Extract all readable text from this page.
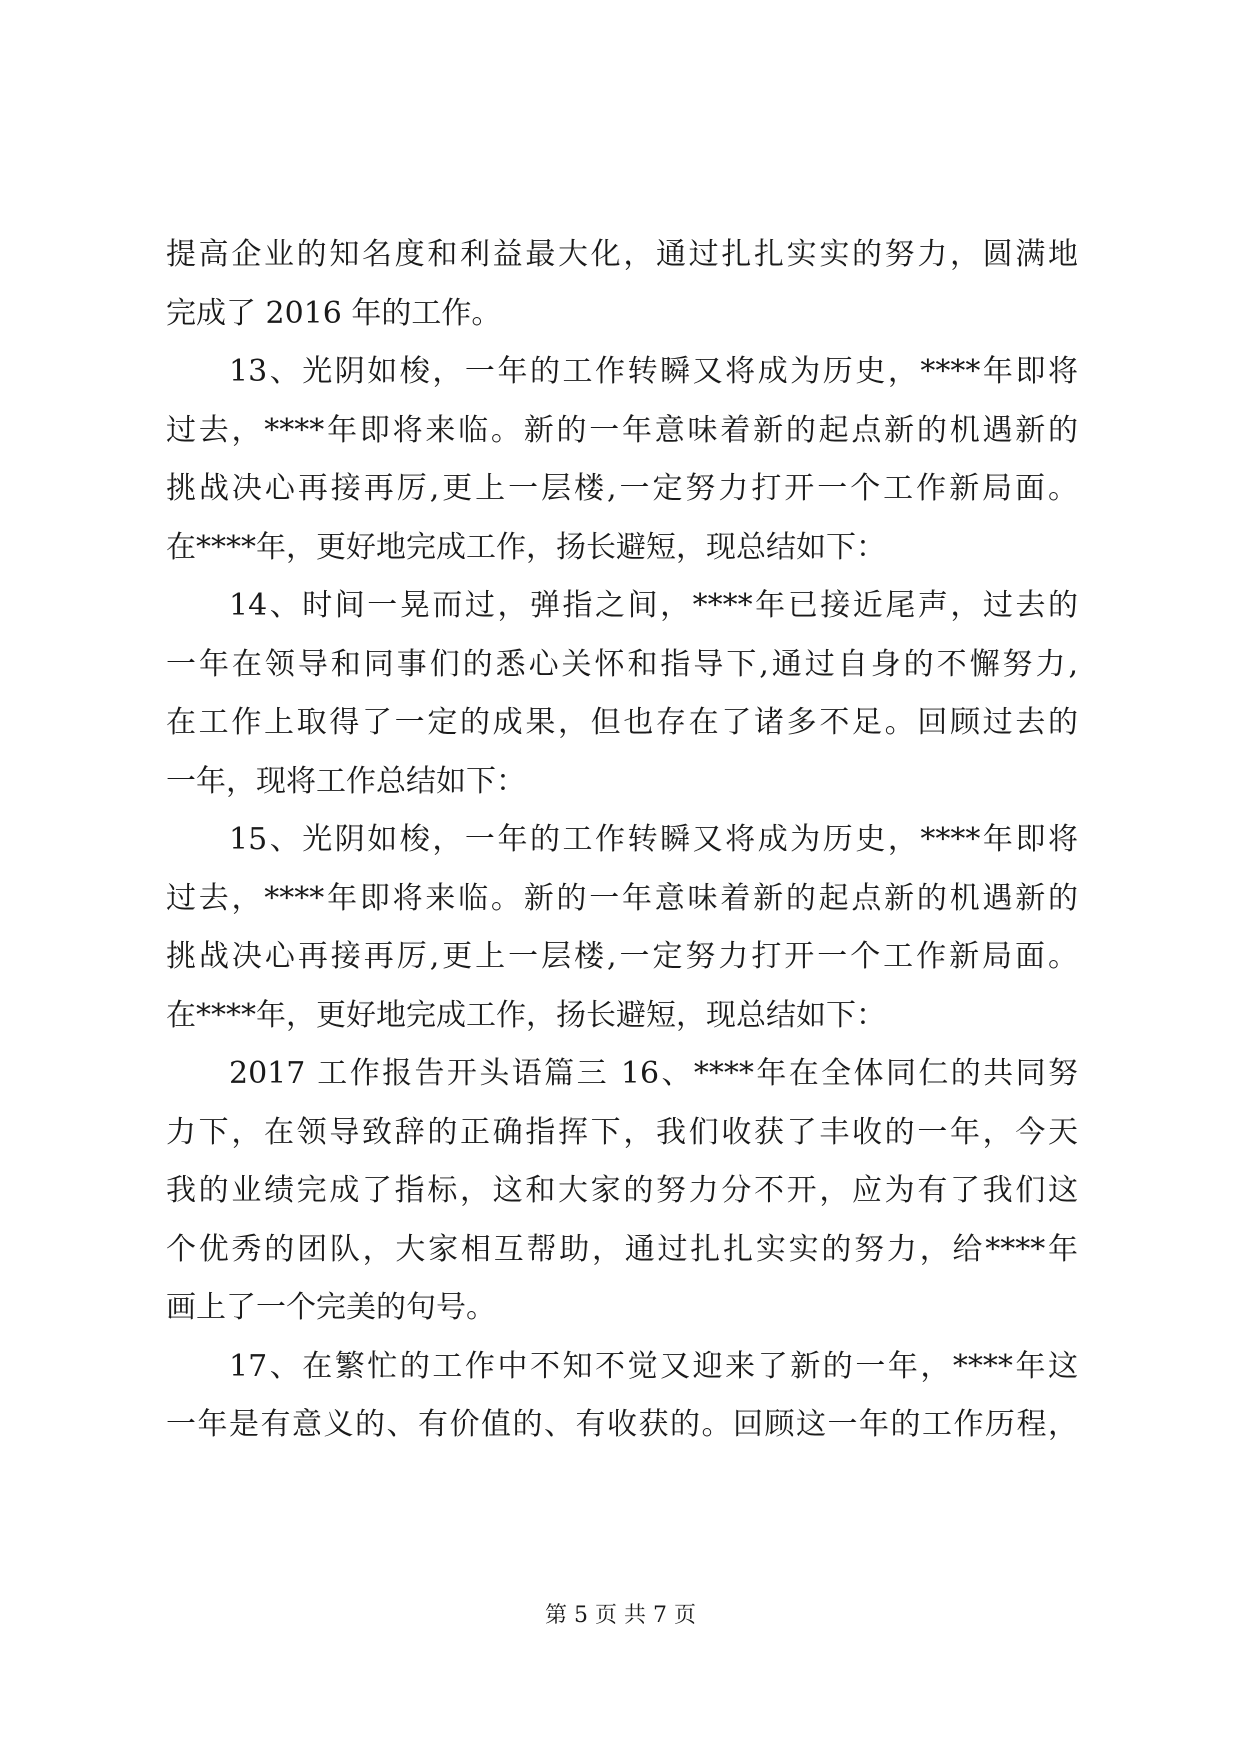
提高企业的知名度和利益最大化，通过扎扎实实的努力，圆满地
完成了 2016 年的工作。
13、光阴如梭，一年的工作转瞬又将成为历史，****年即将
过去，****年即将来临。新的一年意味着新的起点新的机遇新的
挑战决心再接再厉,更上一层楼,一定努力打开一个工作新局面。
在****年，更好地完成工作，扬长避短，现总结如下：
14、时间一晃而过，弹指之间，****年已接近尾声，过去的
一年在领导和同事们的悉心关怀和指导下,通过自身的不懈努力,
在工作上取得了一定的成果，但也存在了诸多不足。回顾过去的
一年，现将工作总结如下：
15、光阴如梭，一年的工作转瞬又将成为历史，****年即将
过去，****年即将来临。新的一年意味着新的起点新的机遇新的
挑战决心再接再厉,更上一层楼,一定努力打开一个工作新局面。
在****年，更好地完成工作，扬长避短，现总结如下：
2017 工作报告开头语篇三 16、****年在全体同仁的共同努
力下，在领导致辞的正确指挥下，我们收获了丰收的一年，今天
我的业绩完成了指标，这和大家的努力分不开，应为有了我们这
个优秀的团队，大家相互帮助，通过扎扎实实的努力，给****年
画上了一个完美的句号。
17、在繁忙的工作中不知不觉又迎来了新的一年，****年这
一年是有意义的、有价值的、有收获的。回顾这一年的工作历程，
第 5 页 共 7 页
